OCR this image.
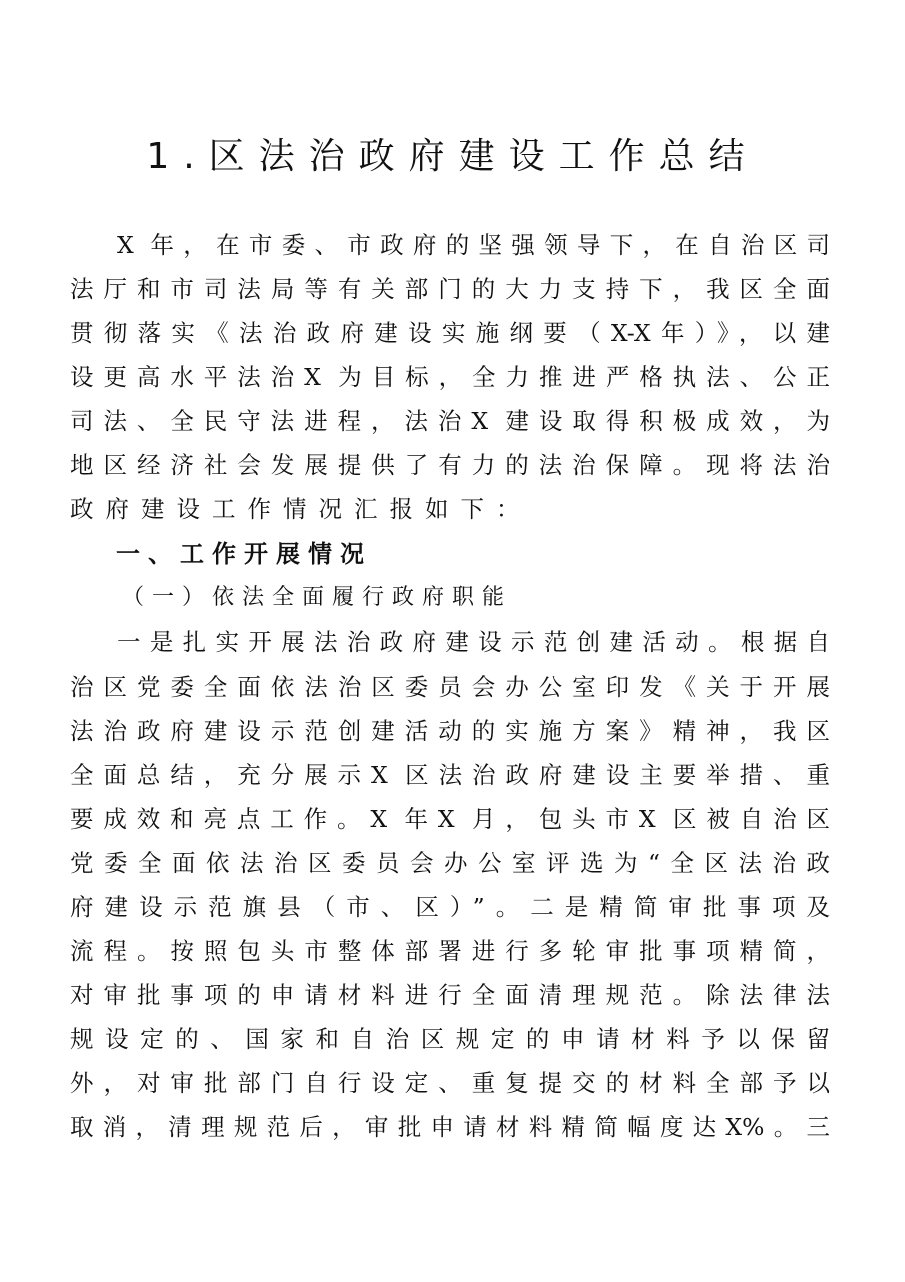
1.区法治政府建设工作总结
X 年，在市委、市政府的坚强领导下，在自治区司
法厅和市司法局等有关部门的大力支持下，我区全面
贯彻落实《法治政府建设实施纲要（X-X年）》，以建
设更高水平法治X 为目标，全力推进严格执法、公正
司法、全民守法进程，法治X 建设取得积极成效，为
地区经济社会发展提供了有力的法治保障。现将法治
政府建设工作情况汇报如下：
一、工作开展情况
（一）依法全面履行政府职能
一是扎实开展法治政府建设示范创建活动。根据自
治区党委全面依法治区委员会办公室印发《关于开展
法治政府建设示范创建活动的实施方案》精神，我区
全面总结，充分展示X 区法治政府建设主要举措、重
要成效和亮点工作。X 年X 月，包头市X 区被自治区
党委全面依法治区委员会办公室评选为“全区法治政
府建设示范旗县（市、区）”。二是精简审批事项及
流程。按照包头市整体部署进行多轮审批事项精简，
对审批事项的申请材料进行全面清理规范。除法律法
规设定的、国家和自治区规定的申请材料予以保留
外，对审批部门自行设定、重复提交的材料全部予以
取消，清理规范后，审批申请材料精简幅度达X%。三
